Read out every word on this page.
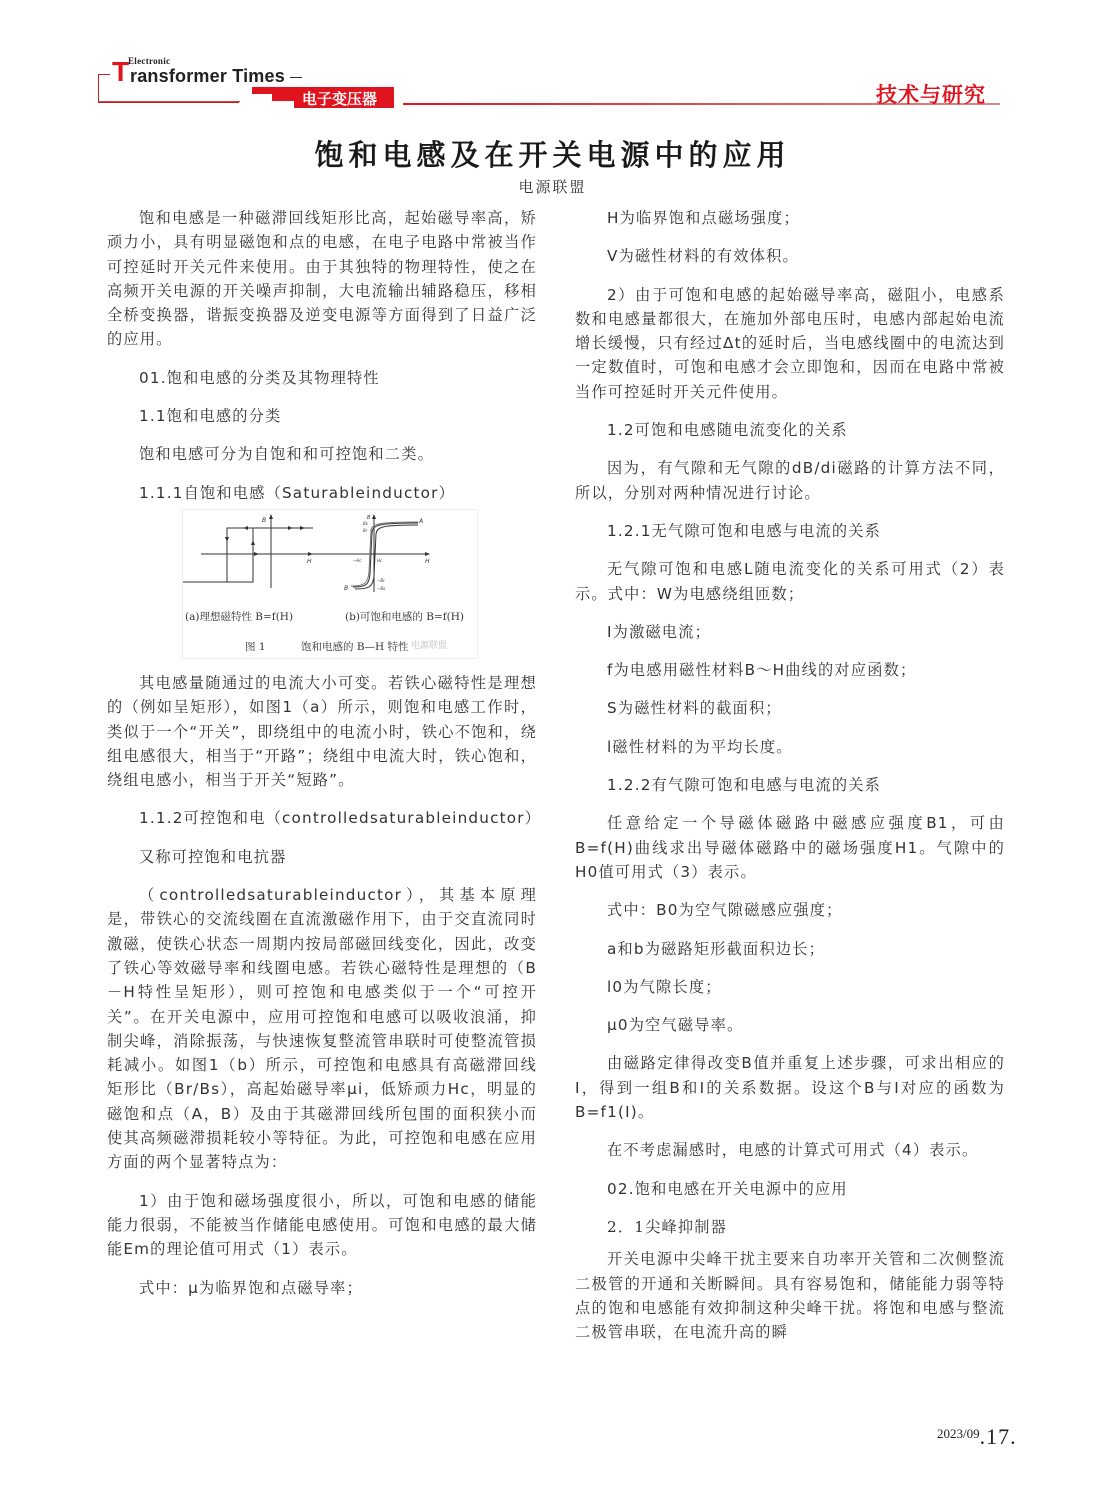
T
Electronic
ransformer Times
电子变压器	技术与研究
饱和电感及在开关电源中的应用
电源联盟

饱和电感是一种磁滞回线矩形比高，起始磁导率高，矫顽力小，具有明显磁饱和点的电感，在电子电路中常被当作可控延时开关元件来使用。由于其独特的物理特性，使之在高频开关电源的开关噪声抑制，大电流输出辅路稳压，移相全桥变换器，谐振变换器及逆变电源等方面得到了日益广泛的应用。

01.饱和电感的分类及其物理特性

1.1饱和电感的分类

饱和电感可分为自饱和和可控饱和二类。

1.1.1自饱和电感（Saturableinductor）

B
H
B
H
A
B
Bs
Br
−Hc	Hc
−Br
−Bs
(a)理想磁特性 B=f(H)	(b)可饱和电感的 B=f(H)
图 1	饱和电感的 B—H 特性 电源联盟

其电感量随通过的电流大小可变。若铁心磁特性是理想的（例如呈矩形），如图1（a）所示，则饱和电感工作时，类似于一个“开关”，即绕组中的电流小时，铁心不饱和，绕组电感很大，相当于“开路”；绕组中电流大时，铁心饱和，绕组电感小，相当于开关“短路”。

1.1.2可控饱和电（controlledsaturableinductor）

又称可控饱和电抗器

（controlledsaturableinductor），其基本原理是，带铁心的交流线圈在直流激磁作用下，由于交直流同时激磁，使铁心状态一周期内按局部磁回线变化，因此，改变了铁心等效磁导率和线圈电感。若铁心磁特性是理想的（B－H特性呈矩形），则可控饱和电感类似于一个“可控开关”。在开关电源中，应用可控饱和电感可以吸收浪涌，抑制尖峰，消除振荡，与快速恢复整流管串联时可使整流管损耗减小。如图1（b）所示，可控饱和电感具有高磁滞回线矩形比（Br/Bs），高起始磁导率μi，低矫顽力Hc，明显的磁饱和点（A，B）及由于其磁滞回线所包围的面积狭小而使其高频磁滞损耗较小等特征。为此，可控饱和电感在应用方面的两个显著特点为：

1）由于饱和磁场强度很小，所以，可饱和电感的储能能力很弱，不能被当作储能电感使用。可饱和电感的最大储能Em的理论值可用式（1）表示。

式中：μ为临界饱和点磁导率；

H为临界饱和点磁场强度；

V为磁性材料的有效体积。

2）由于可饱和电感的起始磁导率高，磁阻小，电感系数和电感量都很大，在施加外部电压时，电感内部起始电流增长缓慢，只有经过Δt的延时后，当电感线圈中的电流达到一定数值时，可饱和电感才会立即饱和，因而在电路中常被当作可控延时开关元件使用。

1.2可饱和电感随电流变化的关系

因为，有气隙和无气隙的dB/di磁路的计算方法不同，所以，分别对两种情况进行讨论。

1.2.1无气隙可饱和电感与电流的关系

无气隙可饱和电感L随电流变化的关系可用式（2）表示。式中：W为电感绕组匝数；

I为激磁电流；

f为电感用磁性材料B～H曲线的对应函数；

S为磁性材料的截面积；

l磁性材料的为平均长度。

1.2.2有气隙可饱和电感与电流的关系

任意给定一个导磁体磁路中磁感应强度B1，可由B=f(H)曲线求出导磁体磁路中的磁场强度H1。气隙中的H0值可用式（3）表示。

式中：B0为空气隙磁感应强度；

a和b为磁路矩形截面积边长；

l0为气隙长度；

μ0为空气磁导率。

由磁路定律得改变B值并重复上述步骤，可求出相应的I，得到一组B和I的关系数据。设这个B与I对应的函数为B=f1(I)。

在不考虑漏感时，电感的计算式可用式（4）表示。

02.饱和电感在开关电源中的应用

2．1尖峰抑制器

开关电源中尖峰干扰主要来自功率开关管和二次侧整流二极管的开通和关断瞬间。具有容易饱和，储能能力弱等特点的饱和电感能有效抑制这种尖峰干扰。将饱和电感与整流二极管串联，在电流升高的瞬

$^{2023/09}$.17.
